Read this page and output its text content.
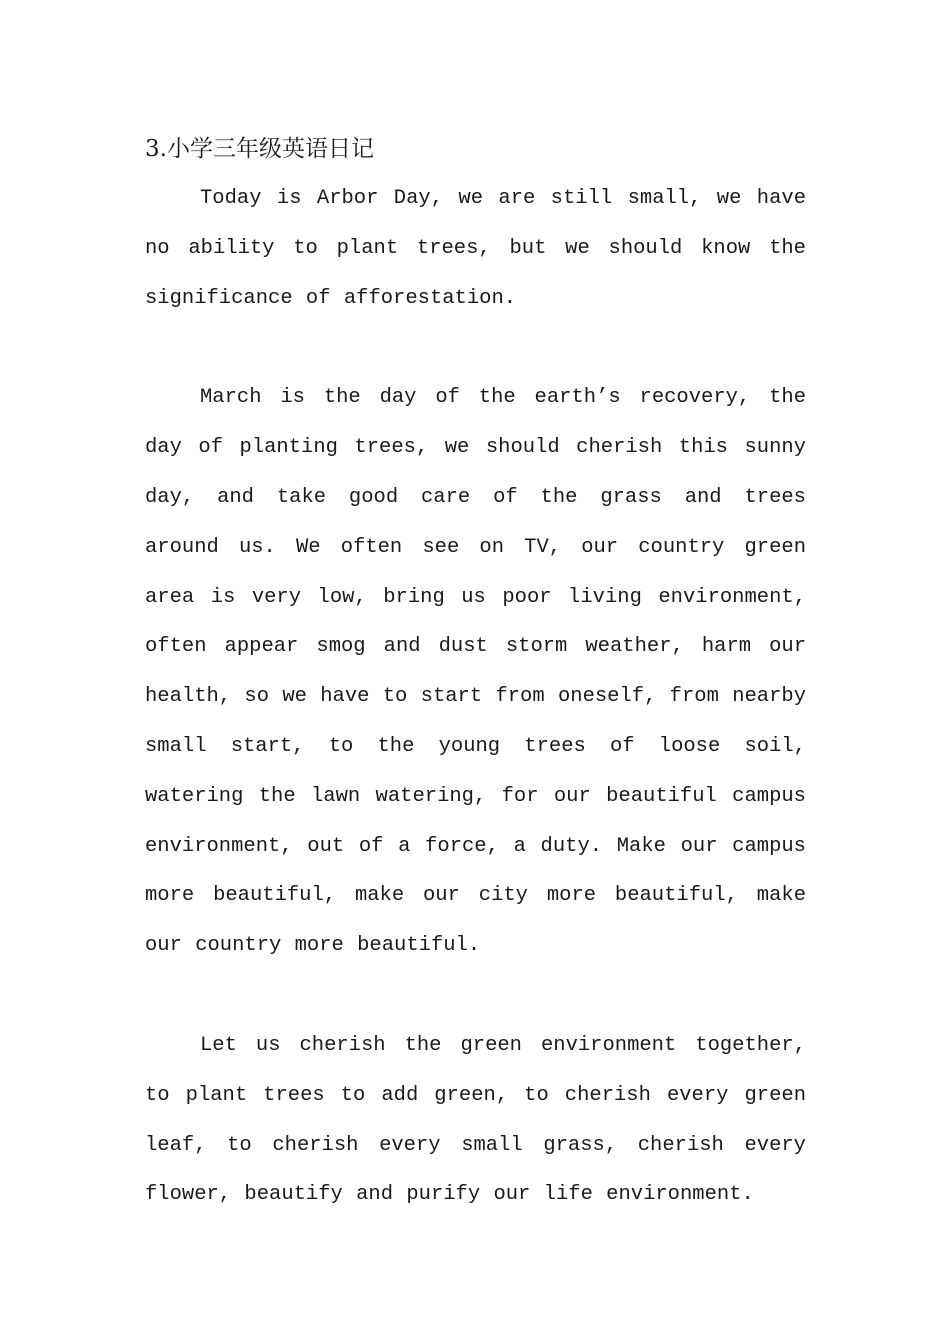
3.小学三年级英语日记

Today is Arbor Day, we are still small, we have no ability to plant trees, but we should know the significance of afforestation.

March is the day of the earth’s recovery, the day of planting trees, we should cherish this sunny day, and take good care of the grass and trees around us. We often see on TV, our country green area is very low, bring us poor living environment, often appear smog and dust storm weather, harm our health, so we have to start from oneself, from nearby small start, to the young trees of loose soil, watering the lawn watering, for our beautiful campus environment, out of a force, a duty. Make our campus more beautiful, make our city more beautiful, make our country more beautiful.

Let us cherish the green environment together, to plant trees to add green, to cherish every green leaf, to cherish every small grass, cherish every flower, beautify and purify our life environment.
